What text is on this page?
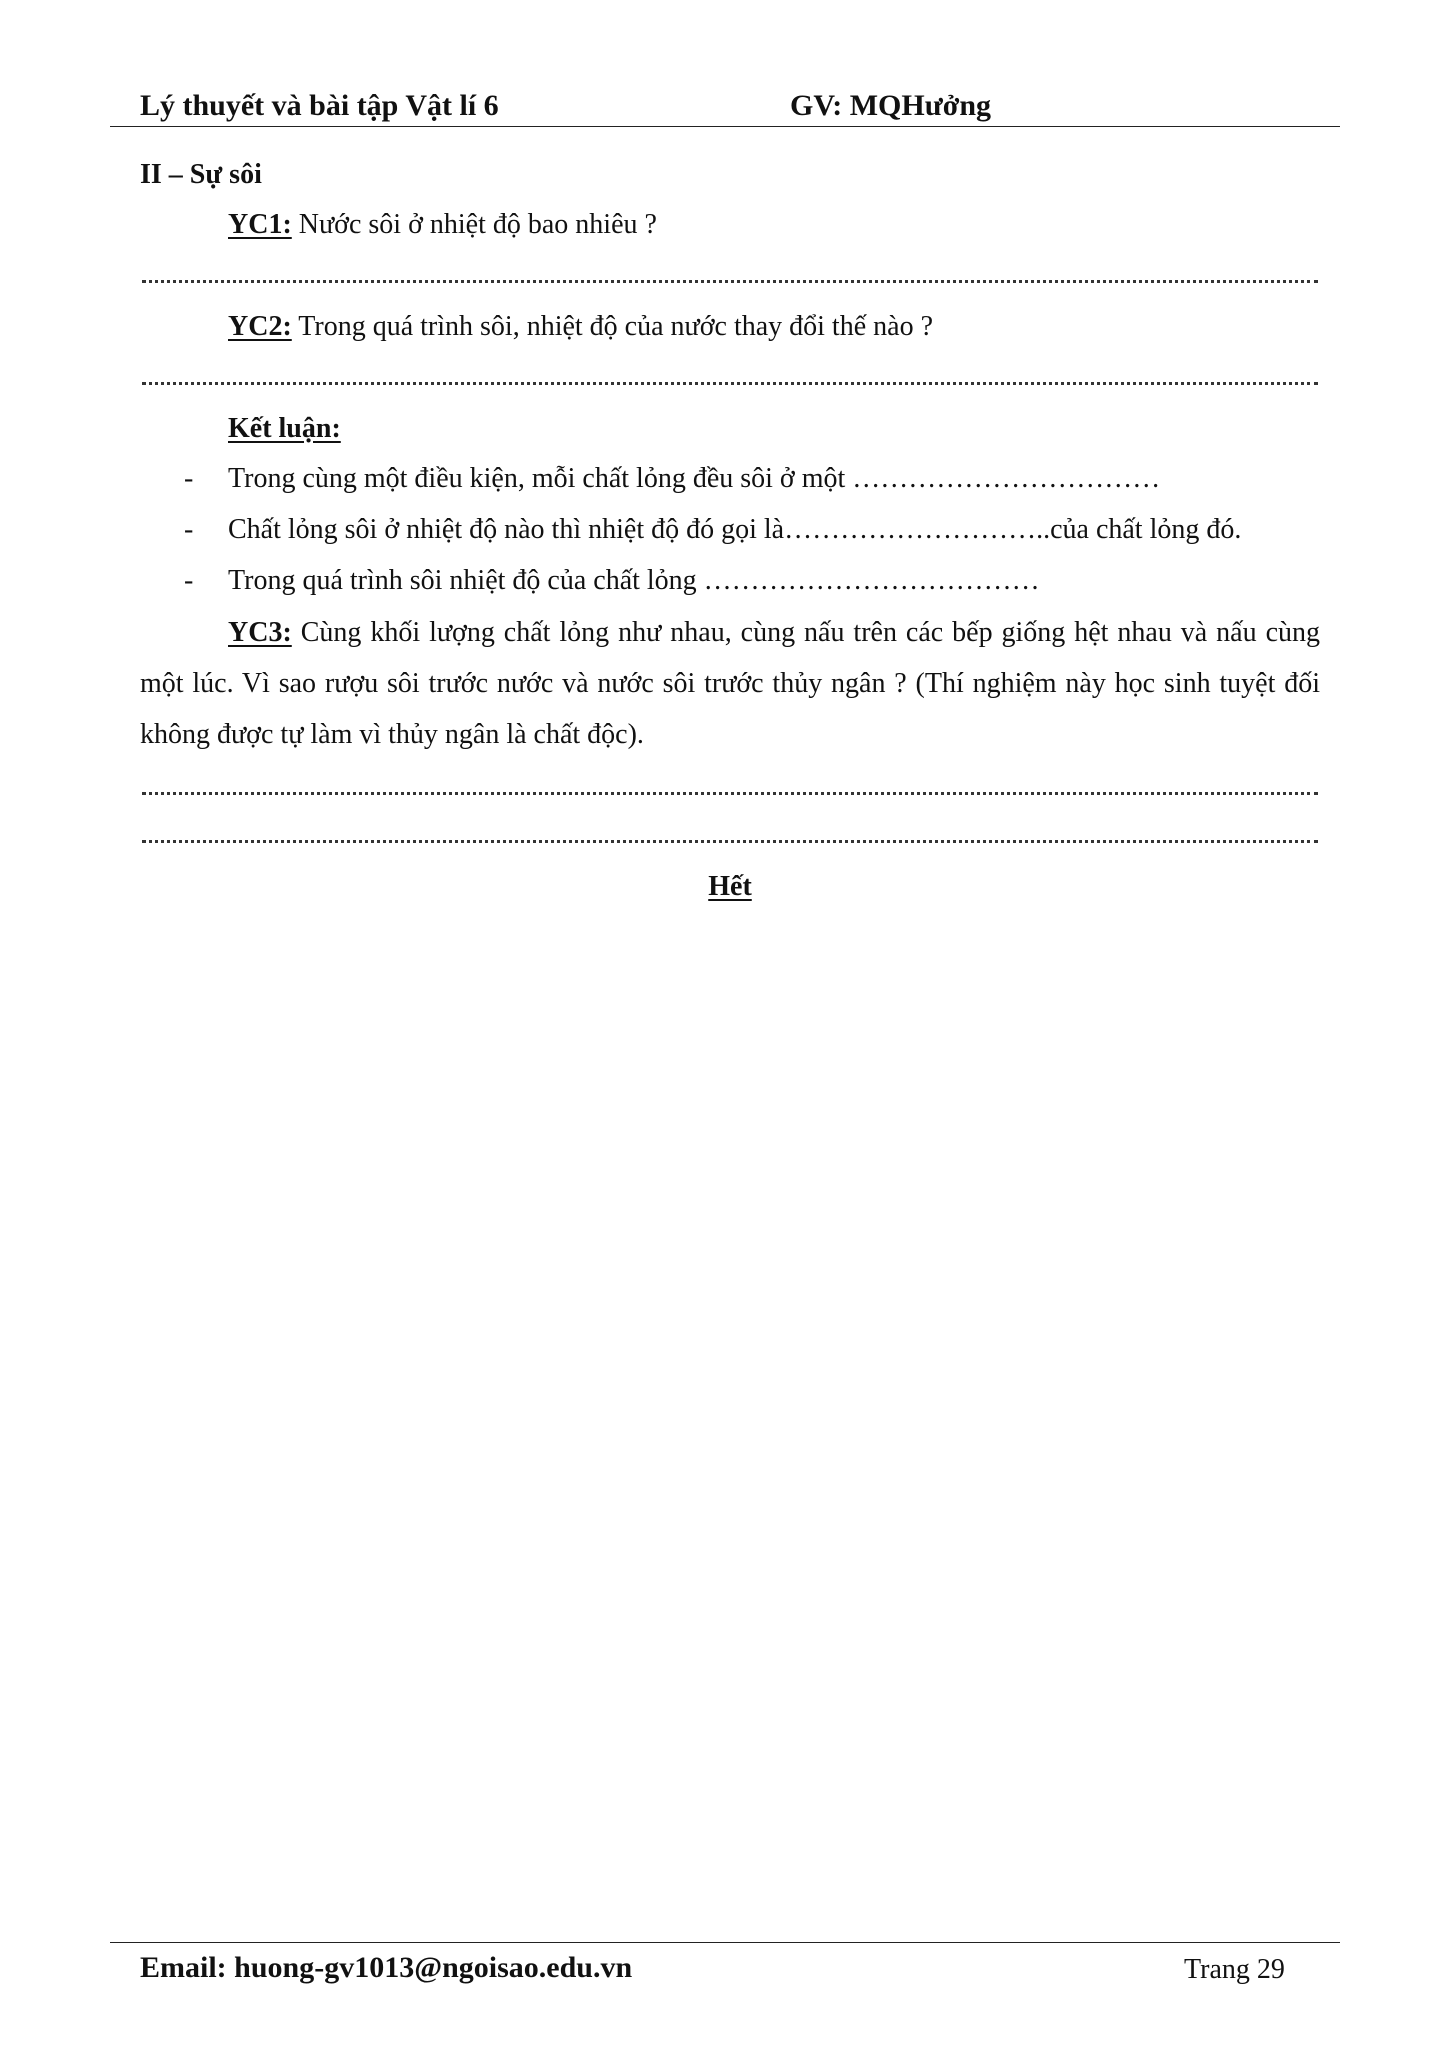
Lý thuyết và bài tập Vật lí 6	GV: MQHưởng
II – Sự sôi
YC1: Nước sôi ở nhiệt độ bao nhiêu ?
YC2: Trong quá trình sôi, nhiệt độ của nước thay đổi thế nào ?
Kết luận:
- Trong cùng một điều kiện, mỗi chất lỏng đều sôi ở một ……………………………
- Chất lỏng sôi ở nhiệt độ nào thì nhiệt độ đó gọi là………………………..của chất lỏng đó.
- Trong quá trình sôi nhiệt độ của chất lỏng ………………………………
YC3: Cùng khối lượng chất lỏng như nhau, cùng nấu trên các bếp giống hệt nhau và nấu cùng một lúc. Vì sao rượu sôi trước nước và nước sôi trước thủy ngân ? (Thí nghiệm này học sinh tuyệt đối không được tự làm vì thủy ngân là chất độc).
Hết
Email: huong-gv1013@ngoisao.edu.vn	Trang 29
